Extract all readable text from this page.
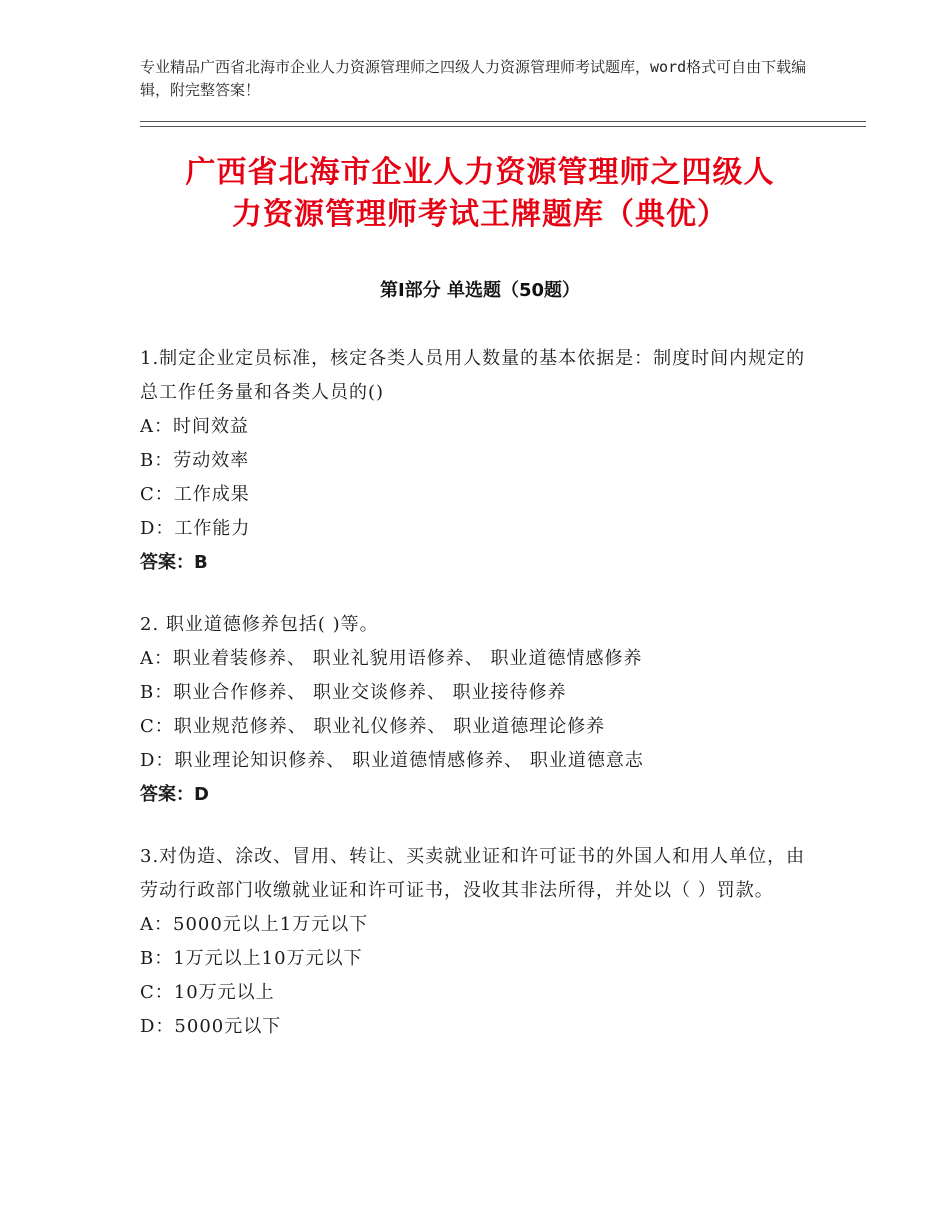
专业精品广西省北海市企业人力资源管理师之四级人力资源管理师考试题库，word格式可自由下载编辑，附完整答案！
广西省北海市企业人力资源管理师之四级人
力资源管理师考试王牌题库（典优）
第Ⅰ部分 单选题（50题）
1.制定企业定员标准，核定各类人员用人数量的基本依据是：制度时间内规定的总工作任务量和各类人员的()
A：时间效益
B：劳动效率
C：工作成果
D：工作能力
答案：B
2. 职业道德修养包括( )等。
A：职业着装修养、 职业礼貌用语修养、 职业道德情感修养
B：职业合作修养、 职业交谈修养、 职业接待修养
C：职业规范修养、 职业礼仪修养、 职业道德理论修养
D：职业理论知识修养、 职业道德情感修养、 职业道德意志
答案：D
3.对伪造、涂改、冒用、转让、买卖就业证和许可证书的外国人和用人单位，由劳动行政部门收缴就业证和许可证书，没收其非法所得，并处以（ ）罚款。
A：5000元以上1万元以下
B：1万元以上10万元以下
C：10万元以上
D：5000元以下
